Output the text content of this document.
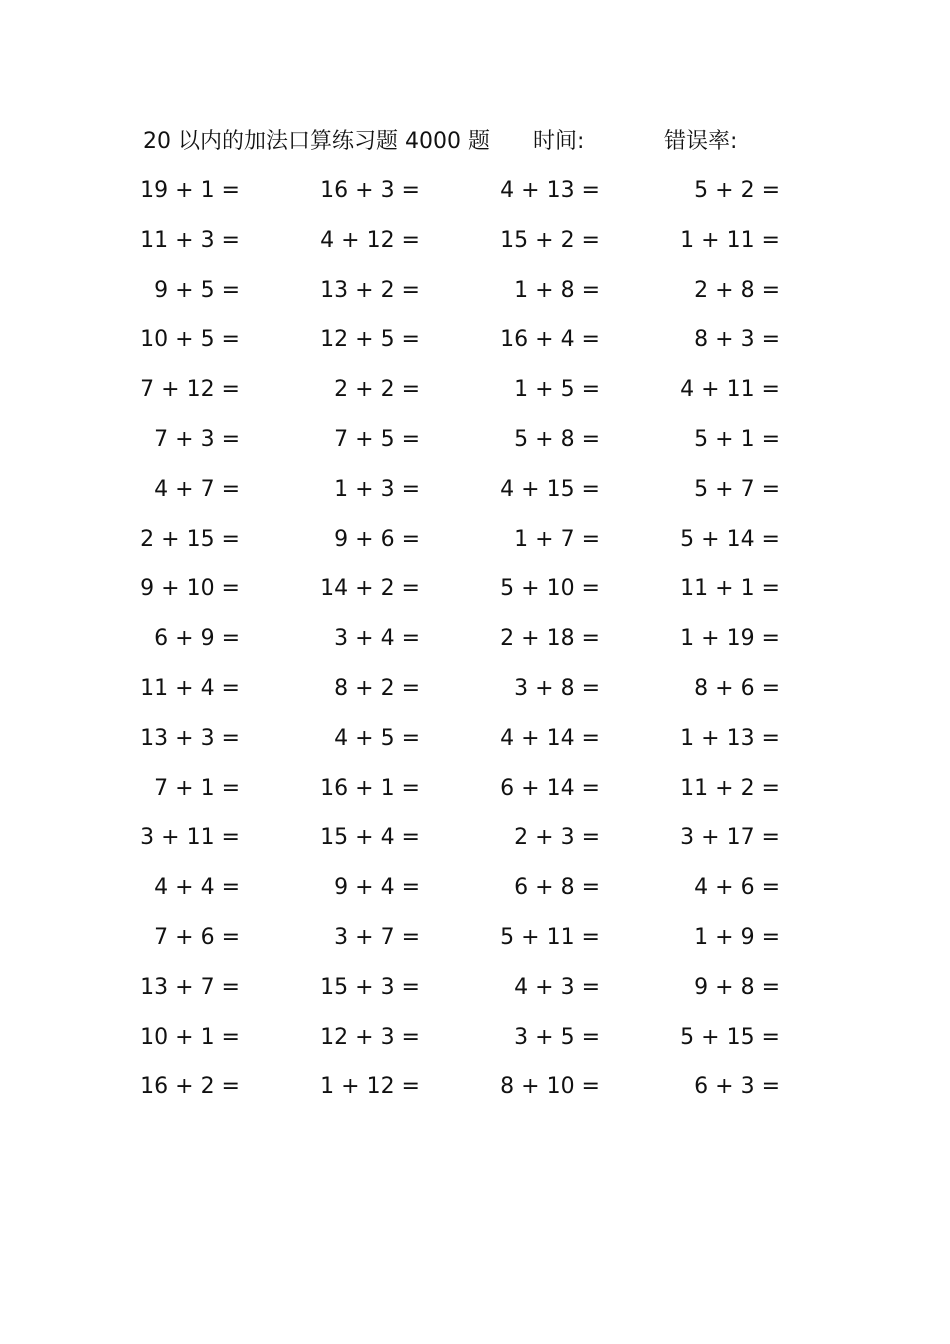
20 以内的加法口算练习题 4000 题 时间:	错误率:
19 + 1 =	16 + 3 =	4 + 13 =	5 + 2 =
11 + 3 =	4 + 12 =	15 + 2 =	1 + 11 =
9 + 5 =	13 + 2 =	1 + 8 =	2 + 8 =
10 + 5 =	12 + 5 =	16 + 4 =	8 + 3 =
7 + 12 =	2 + 2 =	1 + 5 =	4 + 11 =
7 + 3 =	7 + 5 =	5 + 8 =	5 + 1 =
4 + 7 =	1 + 3 =	4 + 15 =	5 + 7 =
2 + 15 =	9 + 6 =	1 + 7 =	5 + 14 =
9 + 10 =	14 + 2 =	5 + 10 =	11 + 1 =
6 + 9 =	3 + 4 =	2 + 18 =	1 + 19 =
11 + 4 =	8 + 2 =	3 + 8 =	8 + 6 =
13 + 3 =	4 + 5 =	4 + 14 =	1 + 13 =
7 + 1 =	16 + 1 =	6 + 14 =	11 + 2 =
3 + 11 =	15 + 4 =	2 + 3 =	3 + 17 =
4 + 4 =	9 + 4 =	6 + 8 =	4 + 6 =
7 + 6 =	3 + 7 =	5 + 11 =	1 + 9 =
13 + 7 =	15 + 3 =	4 + 3 =	9 + 8 =
10 + 1 =	12 + 3 =	3 + 5 =	5 + 15 =
16 + 2 =	1 + 12 =	8 + 10 =	6 + 3 =
